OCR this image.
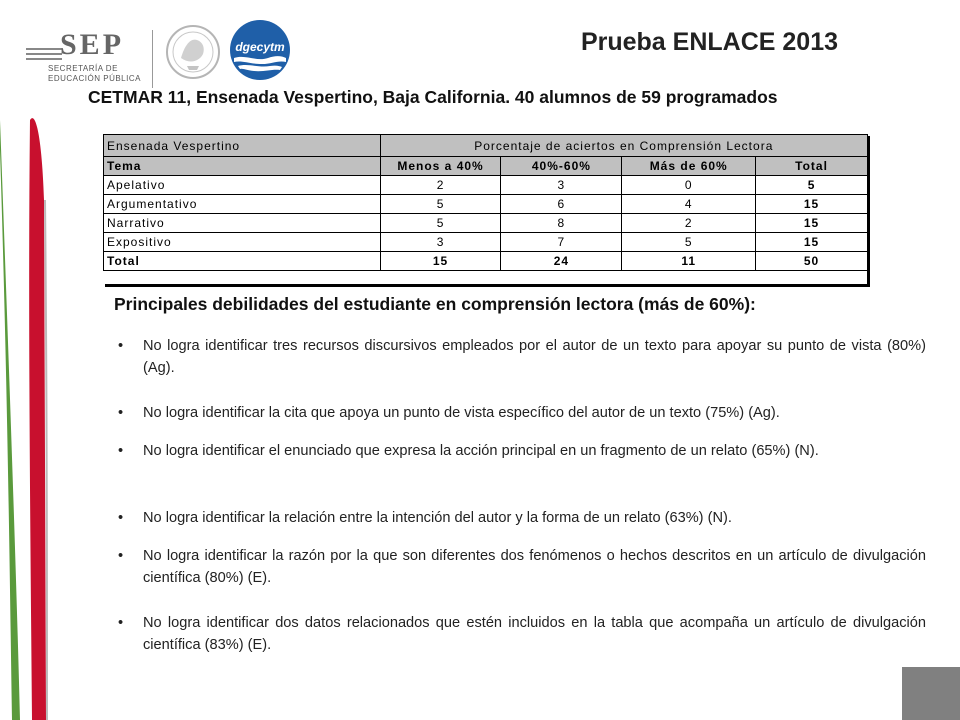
SEP
SECRETARÍA DE
EDUCACIÓN PÚBLICA
dgecytm	Prueba ENLACE 2013
CETMAR 11, Ensenada Vespertino, Baja California. 40 alumnos de 59 programados
Ensenada Vespertino	Porcentaje de aciertos en Comprensión Lectora			
Tema	Menos a 40%	40%-60%	Más de 60%	Total
Apelativo	2	3	0	5
Argumentativo	5	6	4	15
Narrativo	5	8	2	15
Expositivo	3	7	5	15
Total	15	24	11	50
Principales debilidades del estudiante en comprensión lectora (más de 60%):
• No logra identificar tres recursos discursivos empleados por el autor de un texto para apoyar su punto de vista (80%) (Ag).
• No logra identificar la cita que apoya un punto de vista específico del autor de un texto (75%) (Ag).
• No logra identificar el enunciado que expresa la acción principal en un fragmento de un relato (65%) (N).
• No logra identificar la relación entre la intención del autor y la forma de un relato (63%) (N).
• No logra identificar la razón por la que son diferentes dos fenómenos o hechos descritos en un artículo de divulgación científica (80%) (E).
• No logra identificar dos datos relacionados que estén incluidos en la tabla que acompaña un artículo de divulgación científica (83%) (E).
